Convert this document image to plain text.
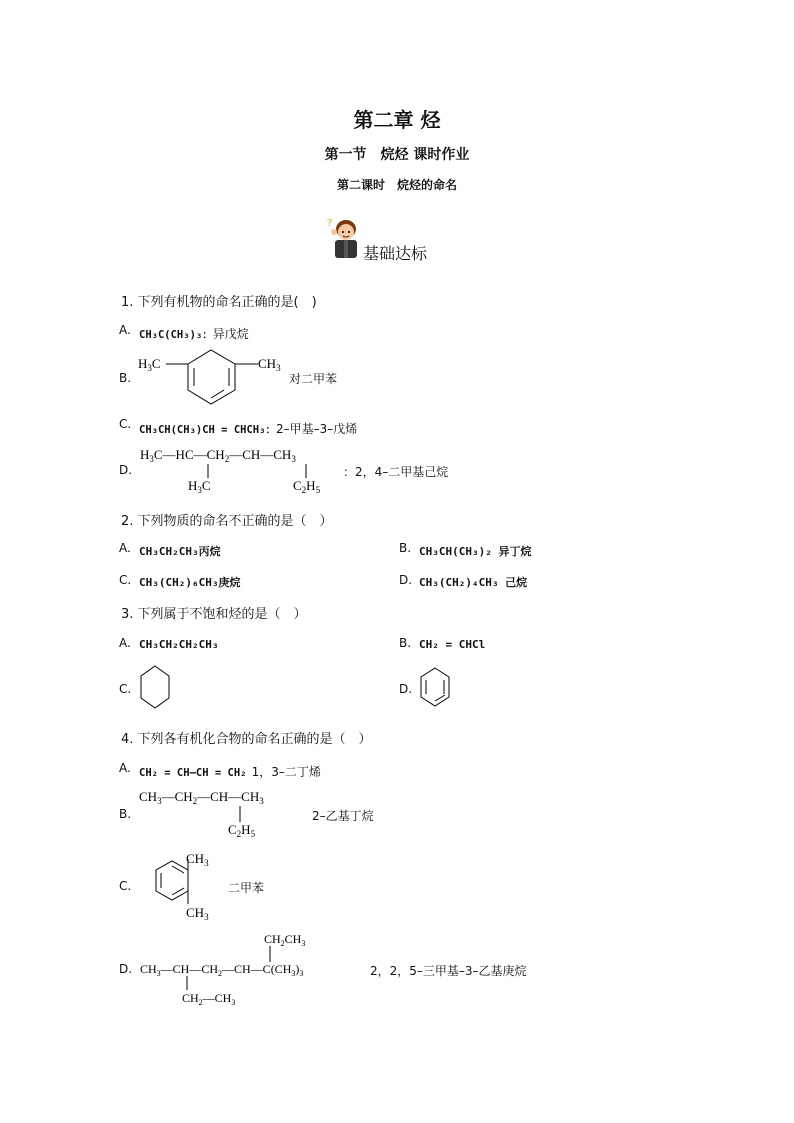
第二章 烃
第一节　烷烃 课时作业
第二课时　烷烃的命名
?
基础达标
1. 下列有机物的命名正确的是(　)
A. CH₃C(CH₃)₃：异戊烷
B.
$H_3C$	$CH_3$
对二甲苯
C. CH₃CH(CH₃)CH = CHCH₃：2–甲基–3–戊烯
D.
$H_3C—HC—CH_2—CH—CH_3$
$H_3C$	$C_2H_5$
：2，4–二甲基己烷
2. 下列物质的命名不正确的是（　）
A. CH₃CH₂CH₃丙烷	B. CH₃CH(CH₃)₂ 异丁烷
C. CH₃(CH₂)₆CH₃庚烷	D. CH₃(CH₂)₄CH₃ 己烷
3. 下列属于不饱和烃的是（　）
A. CH₃CH₂CH₂CH₃	B. CH₂ = CHCl
C.	D.
4. 下列各有机化合物的命名正确的是（　）
A. CH₂ = CH—CH = CH₂ 1，3–二丁烯
B.
$CH_3—CH_2—CH—CH_3$
$C_2H_5$
2–乙基丁烷
C.
$CH_3$
$CH_3$
二甲苯
D.
$CH_2CH_3$
$CH_3—CH—CH_2—CH—C(CH_3)_3$
$CH_2—CH_3$
2，2，5–三甲基–3–乙基庚烷
